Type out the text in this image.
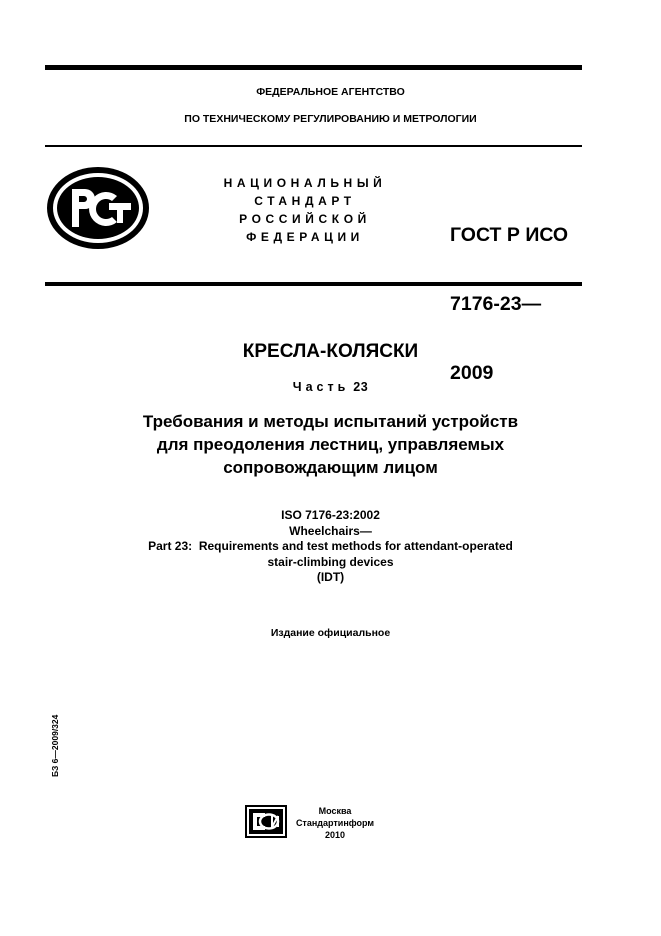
ФЕДЕРАЛЬНОЕ АГЕНТСТВО
ПО ТЕХНИЧЕСКОМУ РЕГУЛИРОВАНИЮ И МЕТРОЛОГИИ
НАЦИОНАЛЬНЫЙ
СТАНДАРТ
РОССИЙСКОЙ
ФЕДЕРАЦИИ

	ГОСТ Р ИСО

7176-23—

2009

КРЕСЛА-КОЛЯСКИ
Часть 23
Требования и методы испытаний устройств
для преодоления лестниц, управляемых
сопровождающим лицом
ISO 7176-23:2002
Wheelchairs—
Part 23:  Requirements and test methods for attendant-operated
stair-climbing devices
(IDT)
Издание официальное
БЗ 6—2009/324
Москва
Стандартинформ
2010
